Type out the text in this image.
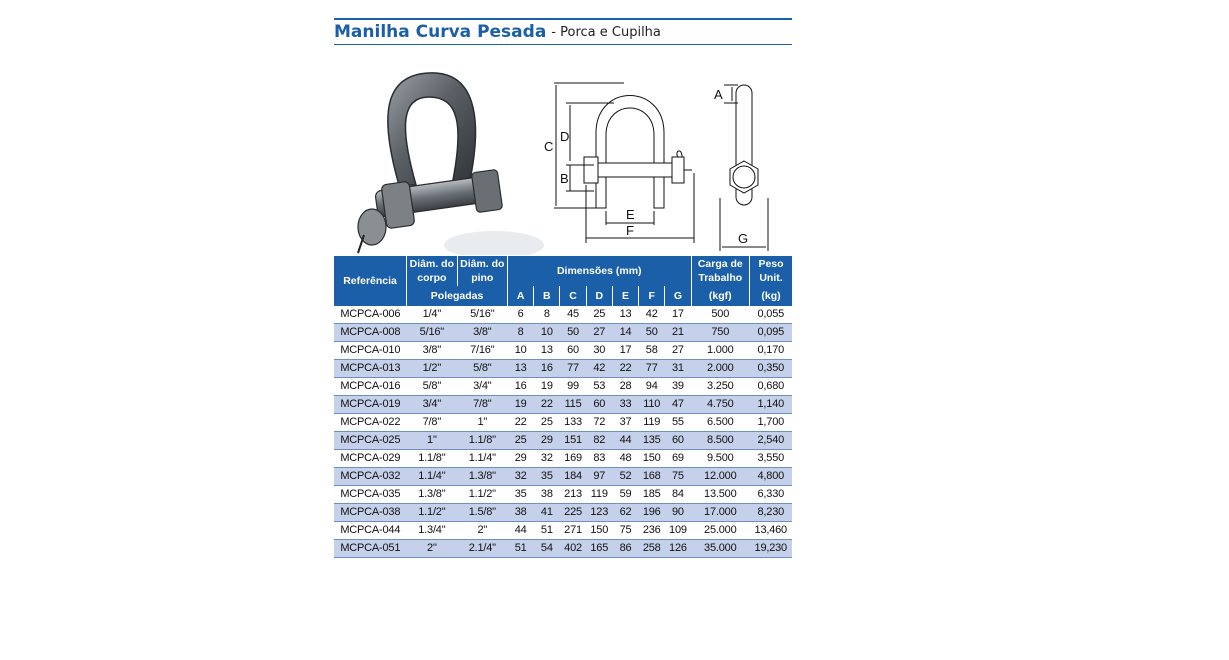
Manilha Curva Pesada - Porca e Cupilha
C
D
B
E
F
A
G
Referência	Diâm. do corpo	Diâm. do pino	Dimensões (mm)							Carga de Trabalho	Peso Unit.

	Polegadas		A	B	C	D	E	F	G	(kgf)	(kg)
MCPCA-006	1/4"	5/16"	6	8	45	25	13	42	17	500	0,055
MCPCA-008	5/16"	3/8"	8	10	50	27	14	50	21	750	0,095
MCPCA-010	3/8"	7/16"	10	13	60	30	17	58	27	1.000	0,170
MCPCA-013	1/2"	5/8"	13	16	77	42	22	77	31	2.000	0,350
MCPCA-016	5/8"	3/4"	16	19	99	53	28	94	39	3.250	0,680
MCPCA-019	3/4"	7/8"	19	22	115	60	33	110	47	4.750	1,140
MCPCA-022	7/8"	1"	22	25	133	72	37	119	55	6.500	1,700
MCPCA-025	1"	1.1/8"	25	29	151	82	44	135	60	8.500	2,540
MCPCA-029	1.1/8"	1.1/4"	29	32	169	83	48	150	69	9.500	3,550
MCPCA-032	1.1/4"	1.3/8"	32	35	184	97	52	168	75	12.000	4,800
MCPCA-035	1.3/8"	1.1/2"	35	38	213	119	59	185	84	13.500	6,330
MCPCA-038	1.1/2"	1.5/8"	38	41	225	123	62	196	90	17.000	8,230
MCPCA-044	1.3/4"	2"	44	51	271	150	75	236	109	25.000	13,460
MCPCA-051	2"	2.1/4"	51	54	402	165	86	258	126	35.000	19,230
